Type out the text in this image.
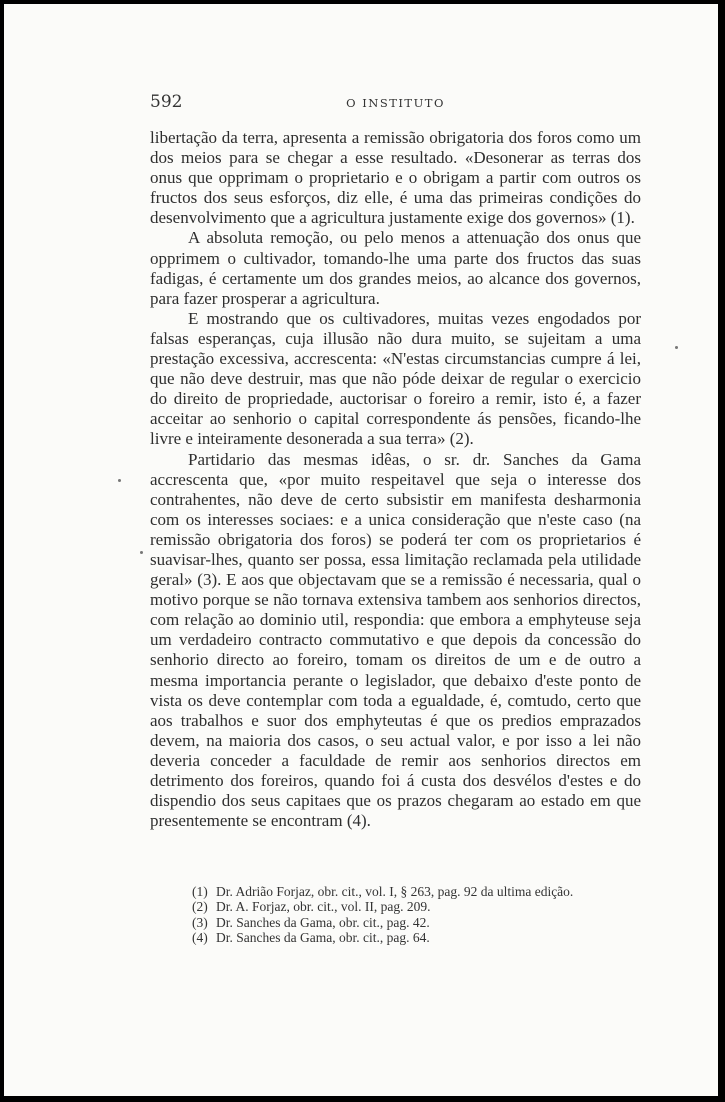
592	O INSTITUTO

libertação da terra, apresenta a remissão obrigatoria dos foros como um dos meios para se chegar a esse resultado. «Desonerar as terras dos onus que opprimam o proprietario e o obrigam a partir com outros os fructos dos seus esforços, diz elle, é uma das primeiras condições do desenvolvimento que a agricultura justamente exige dos governos» (1).

A absoluta remoção, ou pelo menos a attenuação dos onus que opprimem o cultivador, tomando-lhe uma parte dos fructos das suas fadigas, é certamente um dos grandes meios, ao alcance dos governos, para fazer prosperar a agricultura.

E mostrando que os cultivadores, muitas vezes engodados por falsas esperanças, cuja illusão não dura muito, se sujeitam a uma prestação excessiva, accrescenta: «N'estas circumstancias cumpre á lei, que não deve destruir, mas que não póde deixar de regular o exercicio do direito de propriedade, auctorisar o foreiro a remir, isto é, a fazer acceitar ao senhorio o capital correspondente ás pensões, ficando-lhe livre e inteiramente desonerada a sua terra» (2).

Partidario das mesmas idêas, o sr. dr. Sanches da Gama accrescenta que, «por muito respeitavel que seja o interesse dos contrahentes, não deve de certo subsistir em manifesta desharmonia com os interesses sociaes: e a unica consideração que n'este caso (na remissão obrigatoria dos foros) se poderá ter com os proprietarios é suavisar-lhes, quanto ser possa, essa limitação reclamada pela utilidade geral» (3). E aos que objectavam que se a remissão é necessaria, qual o motivo porque se não tornava extensiva tambem aos senhorios directos, com relação ao dominio util, respondia: que embora a emphyteuse seja um verdadeiro contracto commutativo e que depois da concessão do senhorio directo ao foreiro, tomam os direitos de um e de outro a mesma importancia perante o legislador, que debaixo d'este ponto de vista os deve contemplar com toda a egualdade, é, comtudo, certo que aos trabalhos e suor dos emphyteutas é que os predios emprazados devem, na maioria dos casos, o seu actual valor, e por isso a lei não deveria conceder a faculdade de remir aos senhorios directos em detrimento dos foreiros, quando foi á custa dos desvélos d'estes e do dispendio dos seus capitaes que os prazos chegaram ao estado em que presentemente se encontram (4).

(1) Dr. Adrião Forjaz, obr. cit., vol. I, § 263, pag. 92 da ultima edição.
(2) Dr. A. Forjaz, obr. cit., vol. II, pag. 209.
(3) Dr. Sanches da Gama, obr. cit., pag. 42.
(4) Dr. Sanches da Gama, obr. cit., pag. 64.
